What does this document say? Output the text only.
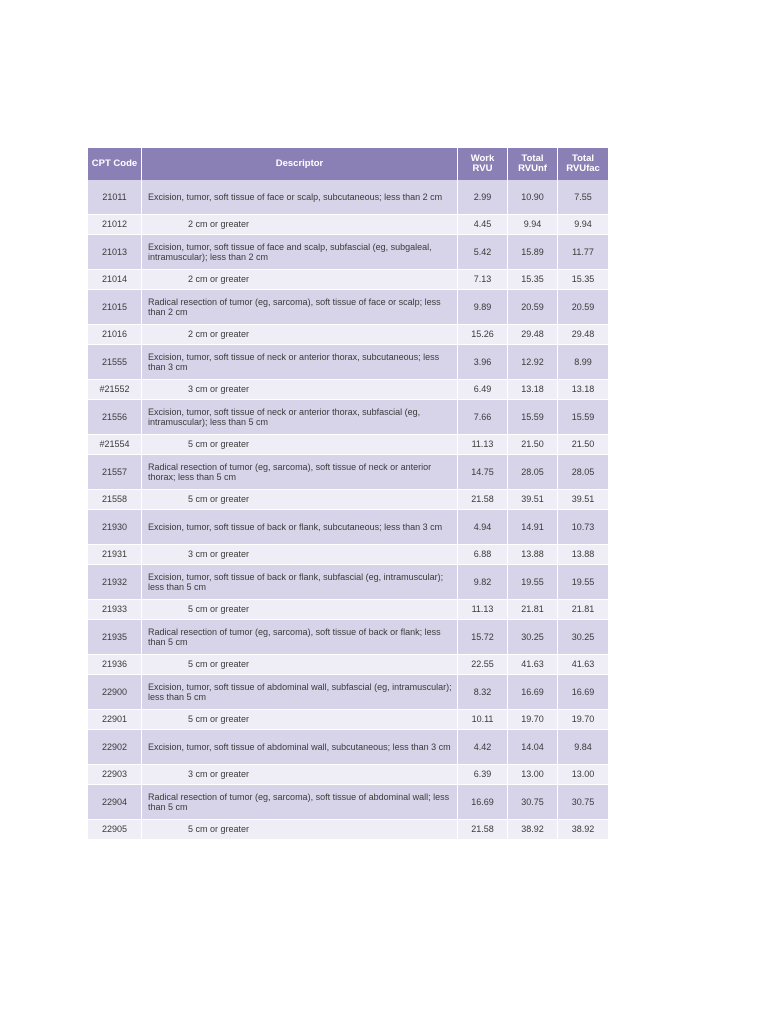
CPT Code	Descriptor	Work RVU	Total RVUnf	Total RVUfac
21011	Excision, tumor, soft tissue of face or scalp, subcutaneous; less than 2 cm	2.99	10.90	7.55
21012	2 cm or greater	4.45	9.94	9.94
21013	Excision, tumor, soft tissue of face and scalp, subfascial (eg, subgaleal, intramuscular); less than 2 cm	5.42	15.89	11.77
21014	2 cm or greater	7.13	15.35	15.35
21015	Radical resection of tumor (eg, sarcoma), soft tissue of face or scalp; less than 2 cm	9.89	20.59	20.59
21016	2 cm or greater	15.26	29.48	29.48
21555	Excision, tumor, soft tissue of neck or anterior thorax, subcutaneous; less than 3 cm	3.96	12.92	8.99
#21552	3 cm or greater	6.49	13.18	13.18
21556	Excision, tumor, soft tissue of neck or anterior thorax, subfascial (eg, intramuscular); less than 5 cm	7.66	15.59	15.59
#21554	5 cm or greater	11.13	21.50	21.50
21557	Radical resection of tumor (eg, sarcoma), soft tissue of neck or anterior thorax; less than 5 cm	14.75	28.05	28.05
21558	5 cm or greater	21.58	39.51	39.51
21930	Excision, tumor, soft tissue of back or flank, subcutaneous; less than 3 cm	4.94	14.91	10.73
21931	3 cm or greater	6.88	13.88	13.88
21932	Excision, tumor, soft tissue of back or flank, subfascial (eg, intramuscular); less than 5 cm	9.82	19.55	19.55
21933	5 cm or greater	11.13	21.81	21.81
21935	Radical resection of tumor (eg, sarcoma), soft tissue of back or flank; less than 5 cm	15.72	30.25	30.25
21936	5 cm or greater	22.55	41.63	41.63
22900	Excision, tumor, soft tissue of abdominal wall, subfascial (eg, intramuscular); less than 5 cm	8.32	16.69	16.69
22901	5 cm or greater	10.11	19.70	19.70
22902	Excision, tumor, soft tissue of abdominal wall, subcutaneous; less than 3 cm	4.42	14.04	9.84
22903	3 cm or greater	6.39	13.00	13.00
22904	Radical resection of tumor (eg, sarcoma), soft tissue of abdominal wall; less than 5 cm	16.69	30.75	30.75
22905	5 cm or greater	21.58	38.92	38.92
